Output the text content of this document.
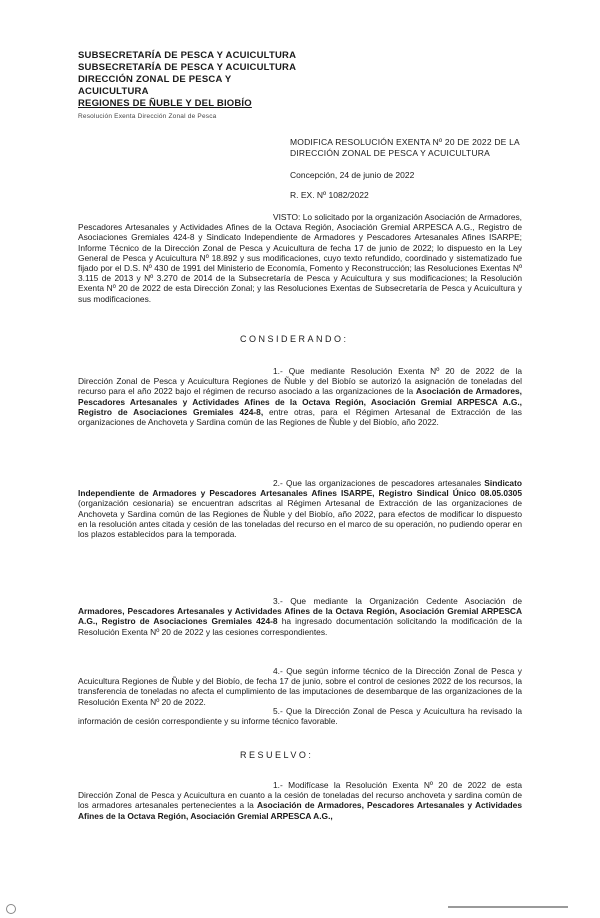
SUBSECRETARÍA DE PESCA Y ACUICULTURA
SUBSECRETARÍA DE PESCA Y ACUICULTURA
DIRECCIÓN ZONAL DE PESCA Y ACUICULTURA
REGIONES DE ÑUBLE Y DEL BIOBÍO
Resolución Exenta Dirección Zonal de Pesca
MODIFICA RESOLUCIÓN EXENTA Nº 20 DE 2022 DE LA DIRECCIÓN ZONAL DE PESCA Y ACUICULTURA
Concepción, 24 de junio de 2022
R. EX. Nº 1082/2022

VISTO: Lo solicitado por la organización Asociación de Armadores, Pescadores Artesanales y Actividades Afines de la Octava Región, Asociación Gremial ARPESCA A.G., Registro de Asociaciones Gremiales 424-8 y Sindicato Independiente de Armadores y Pescadores Artesanales Afines ISARPE; Informe Técnico de la Dirección Zonal de Pesca y Acuicultura de fecha 17 de junio de 2022; lo dispuesto en la Ley General de Pesca y Acuicultura Nº 18.892 y sus modificaciones, cuyo texto refundido, coordinado y sistematizado fue fijado por el D.S. Nº 430 de 1991 del Ministerio de Economía, Fomento y Reconstrucción; las Resoluciones Exentas Nº 3.115 de 2013 y Nº 3.270 de 2014 de la Subsecretaría de Pesca y Acuicultura y sus modificaciones; la Resolución Exenta Nº 20 de 2022 de esta Dirección Zonal; y las Resoluciones Exentas de Subsecretaría de Pesca y Acuicultura y sus modificaciones.

CONSIDERANDO:

1.- Que mediante Resolución Exenta Nº 20 de 2022 de la Dirección Zonal de Pesca y Acuicultura Regiones de Ñuble y del Biobío se autorizó la asignación de toneladas del recurso para el año 2022 bajo el régimen de recurso asociado a las organizaciones de la Asociación de Armadores, Pescadores Artesanales y Actividades Afines de la Octava Región, Asociación Gremial ARPESCA A.G., Registro de Asociaciones Gremiales 424-8, entre otras, para el Régimen Artesanal de Extracción de las organizaciones de Anchoveta y Sardina común de las Regiones de Ñuble y del Biobío, año 2022.

2.- Que las organizaciones de pescadores artesanales Sindicato Independiente de Armadores y Pescadores Artesanales Afines ISARPE, Registro Sindical Único 08.05.0305 (organización cesionaria) se encuentran adscritas al Régimen Artesanal de Extracción de las organizaciones de Anchoveta y Sardina común de las Regiones de Ñuble y del Biobío, año 2022, para efectos de modificar lo dispuesto en la resolución antes citada y cesión de las toneladas del recurso en el marco de su operación, no pudiendo operar en los plazos establecidos para la temporada.

3.- Que mediante la Organización Cedente Asociación de Armadores, Pescadores Artesanales y Actividades Afines de la Octava Región, Asociación Gremial ARPESCA A.G., Registro de Asociaciones Gremiales 424-8 ha ingresado documentación solicitando la modificación de la Resolución Exenta Nº 20 de 2022 y las cesiones correspondientes.

4.- Que según informe técnico de la Dirección Zonal de Pesca y Acuicultura Regiones de Ñuble y del Biobío, de fecha 17 de junio, sobre el control de cesiones 2022 de los recursos, la transferencia de toneladas no afecta el cumplimiento de las imputaciones de desembarque de las organizaciones de la Resolución Exenta Nº 20 de 2022.

5.- Que la Dirección Zonal de Pesca y Acuicultura ha revisado la información de cesión correspondiente y su informe técnico favorable.

RESUELVO:

1.- Modifícase la Resolución Exenta Nº 20 de 2022 de esta Dirección Zonal de Pesca y Acuicultura en cuanto a la cesión de toneladas del recurso anchoveta y sardina común de los armadores artesanales pertenecientes a la Asociación de Armadores, Pescadores Artesanales y Actividades Afines de la Octava Región, Asociación Gremial ARPESCA A.G.,
